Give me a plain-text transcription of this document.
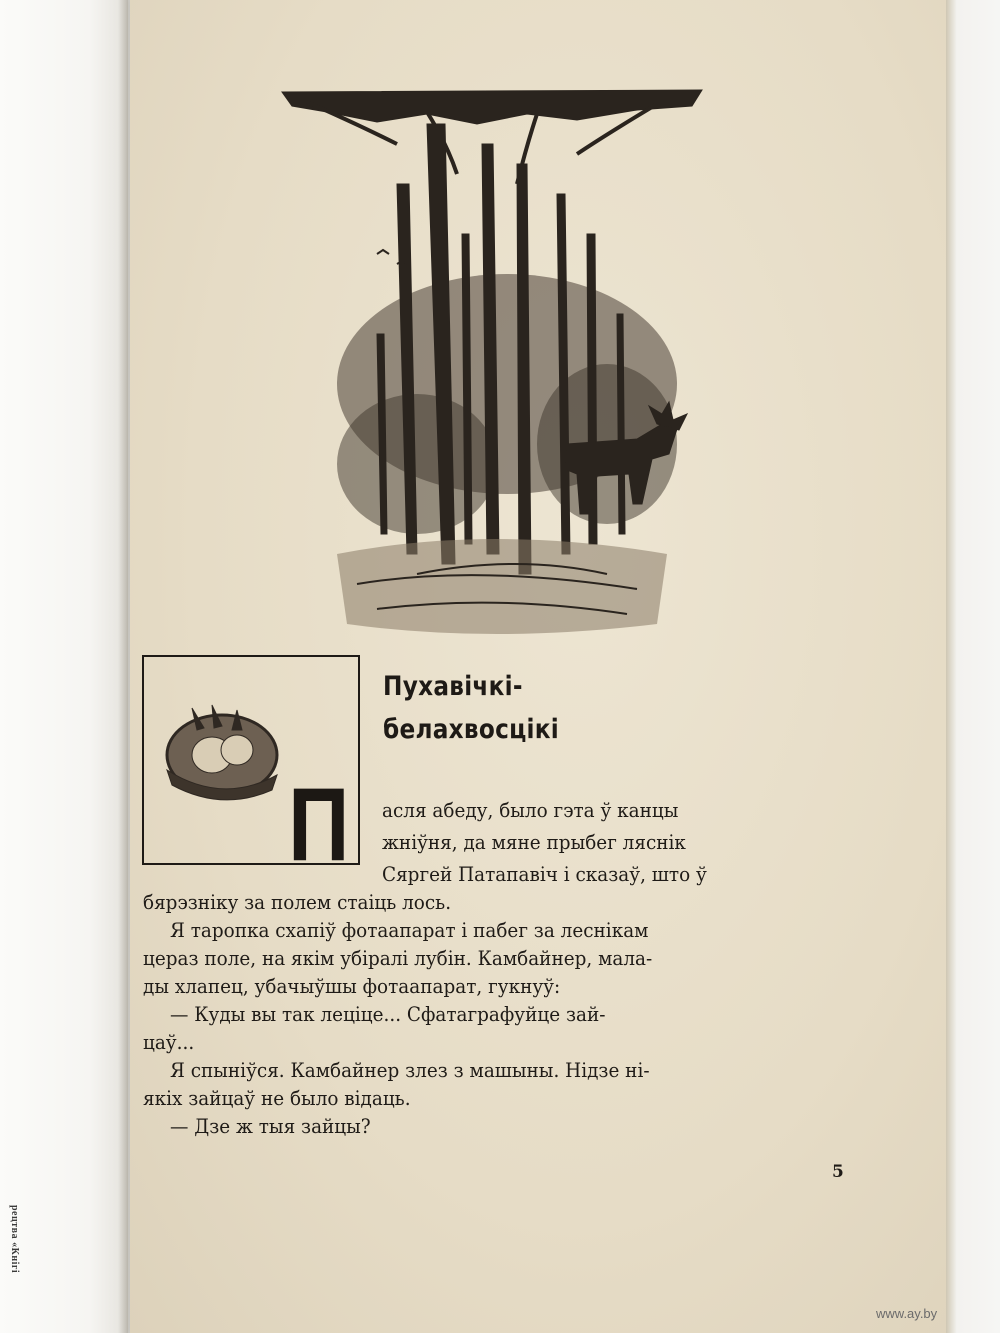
рецтва «Кнігі
П
Пухавічкі-
белахвосцікі
асля абеду, было гэта ў канцы
жніўня, да мяне прыбег ляснік
Сяргей Патапавіч і сказаў, што ў
бярэзніку за полем стаіць лось.
Я таропка схапіў фотаапарат і пабег за леснікам
цераз поле, на якім убіралі лубін. Камбайнер, мала-
ды хлапец, убачыўшы фотаапарат, гукнуў:
— Куды вы так лeціце... Сфатаграфуйце зай-
цаў...
Я спыніўся. Камбайнер злез з машыны. Нідзе ні-
якіх зайцаў не было відаць.
— Дзе ж тыя зайцы?
5
www.ay.by
